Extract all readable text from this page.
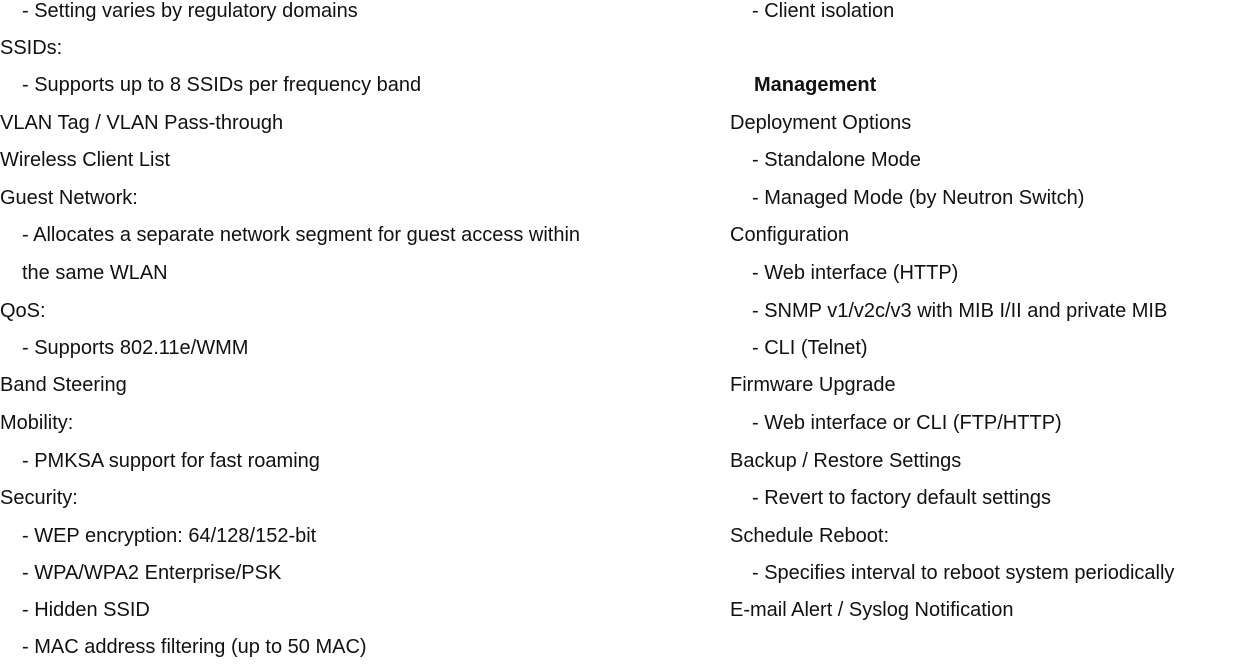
- Setting varies by regulatory domains
SSIDs:
- Supports up to 8 SSIDs per frequency band
VLAN Tag / VLAN Pass-through
Wireless Client List
Guest Network:
- Allocates a separate network segment for guest access within
the same WLAN
QoS:
- Supports 802.11e/WMM
Band Steering
Mobility:
- PMKSA support for fast roaming
Security:
- WEP encryption: 64/128/152-bit
- WPA/WPA2 Enterprise/PSK
- Hidden SSID
- MAC address filtering (up to 50 MAC)
- Client isolation
Management
Deployment Options
- Standalone Mode
- Managed Mode (by Neutron Switch)
Configuration
- Web interface (HTTP)
- SNMP v1/v2c/v3 with MIB I/II and private MIB
- CLI (Telnet)
Firmware Upgrade
- Web interface or CLI (FTP/HTTP)
Backup / Restore Settings
- Revert to factory default settings
Schedule Reboot:
- Specifies interval to reboot system periodically
E-mail Alert / Syslog Notification
